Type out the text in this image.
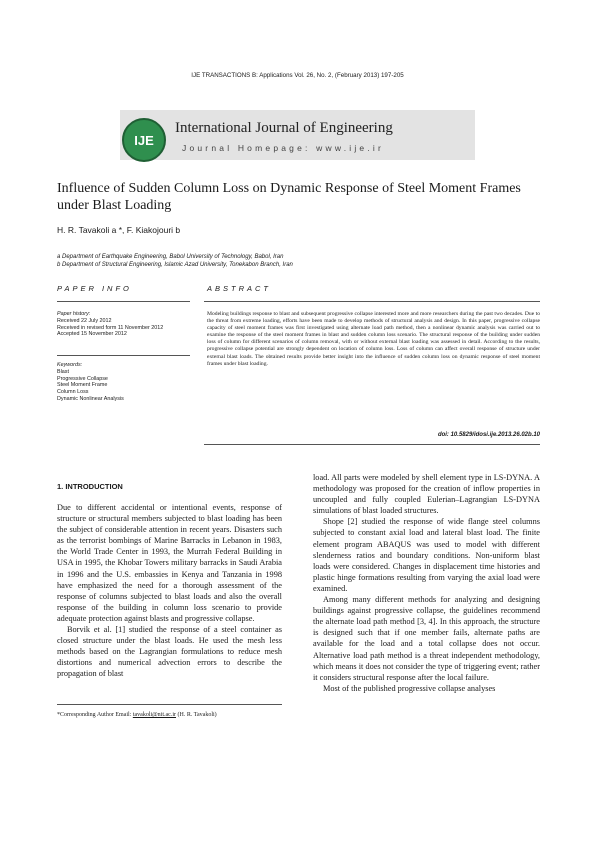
IJE TRANSACTIONS B: Applications Vol. 26, No. 2, (February 2013) 197-205
IJE
International Journal of Engineering
Journal Homepage: www.ije.ir
Influence of Sudden Column Loss on Dynamic Response of Steel Moment Frames under Blast Loading
H. R. Tavakoli a *, F. Kiakojouri b
a Department of Earthquake Engineering, Babol University of Technology, Babol, Iran
b Department of Structural Engineering, Islamic Azad University, Tonekabon Branch, Iran
PAPER INFO	ABSTRACT
Paper history:
Received 22 July 2012
Received in revised form 11 November 2012
Accepted 15 November 2012
Keywords:
Blast
Progressive Collapse
Steel Moment Frame
Column Loss
Dynamic Nonlinear Analysis
Modeling buildings response to blast and subsequent progressive collapse interested more and more researchers during the past two decades. Due to the threat from extreme loading, efforts have been made to develop methods of structural analysis and design. In this paper, progressive collapse capacity of steel moment frames was first investigated using alternate load path method, then a nonlinear dynamic analysis was carried out to examine the response of the steel moment frames in blast and sudden column loss scenario. The structural response of the building under sudden loss of column for different scenarios of column removal, with or without external blast loading was assessed in detail. According to the results, progressive collapse potential are strongly dependent on location of column loss. Loss of column can affect overall response of structure under external blast loads. The obtained results provide better insight into the influence of sudden column loss on dynamic response of steel moment frames under blast loading.
doi: 10.5829/idosi.ije.2013.26.02b.10
1. INTRODUCTION

Due to different accidental or intentional events, response of structure or structural members subjected to blast loading has been the subject of considerable attention in recent years. Disasters such as the terrorist bombings of Marine Barracks in Lebanon in 1983, the World Trade Center in 1993, the Murrah Federal Building in USA in 1995, the Khobar Towers military barracks in Saudi Arabia in 1996 and the U.S. embassies in Kenya and Tanzania in 1998 have emphasized the need for a thorough assessment of the response of columns subjected to blast loads and also the overall response of the building in column loss scenario to provide adequate protection against blasts and progressive collapse.

Borvik et al. [1] studied the response of a steel container as closed structure under the blast loads. He used the mesh less methods based on the Lagrangian formulations to reduce mesh distortions and numerical advection errors to describe the propagation of blast

load. All parts were modeled by shell element type in LS-DYNA. A methodology was proposed for the creation of inflow properties in uncoupled and fully coupled Eulerian–Lagrangian LS-DYNA simulations of blast loaded structures.

Shope [2] studied the response of wide flange steel columns subjected to constant axial load and lateral blast load. The finite element program ABAQUS was used to model with different slenderness ratios and boundary conditions. Non-uniform blast loads were considered. Changes in displacement time histories and plastic hinge formations resulting from varying the axial load were examined.

Among many different methods for analyzing and designing buildings against progressive collapse, the guidelines recommend the alternate load path method [3, 4]. In this approach, the structure is designed such that if one member fails, alternate paths are available for the load and a total collapse does not occur. Alternative load path method is a threat independent methodology, which means it does not consider the type of triggering event; rather it considers structural response after the local failure.

Most of the published progressive collapse analyses

*Corresponding Author Email: tavakoli@nit.ac.ir (H. R. Tavakoli)
